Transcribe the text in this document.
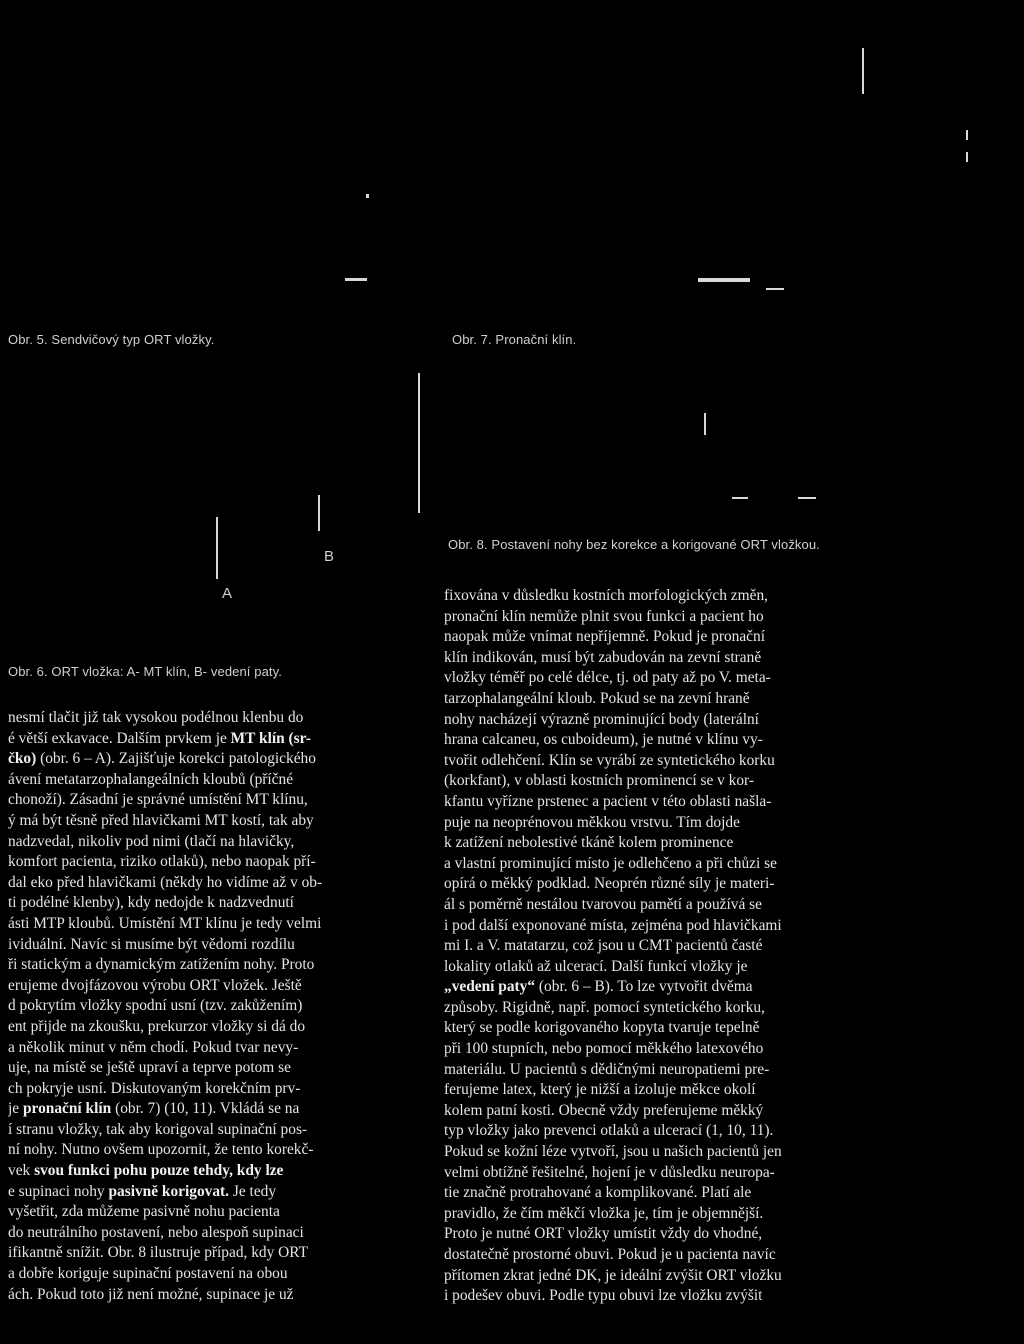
B
A
Obr. 5. Sendvičový typ ORT vložky.	Obr. 7. Pronační klín.
Obr. 8. Postavení nohy bez korekce a korigované ORT vložkou.
Obr. 6. ORT vložka: A- MT klín, B- vedení paty.
nesmí tlačit již tak vysokou podélnou klenbu do
é větší exkavace. Dalším prvkem je MT klín (sr-
čko) (obr. 6 – A). Zajišťuje korekci patologického
ávení metatarzophalangeálních kloubů (příčné
chonoží). Zásadní je správné umístění MT klínu,
ý má být těsně před hlavičkami MT kostí, tak aby
nadzvedal, nikoliv pod nimi (tlačí na hlavičky,
komfort pacienta, riziko otlaků), nebo naopak pří-
dal eko před hlavičkami (někdy ho vidíme až v ob-
ti podélné klenby), kdy nedojde k nadzvednutí
ásti MTP kloubů. Umístění MT klínu je tedy velmi
ividuální. Navíc si musíme být vědomi rozdílu
ři statickým a dynamickým zatížením nohy. Proto
erujeme dvojfázovou výrobu ORT vložek. Ještě
d pokrytím vložky spodní usní (tzv. zakůžením)
ent přijde na zkoušku, prekurzor vložky si dá do
a několik minut v něm chodí. Pokud tvar nevy-
uje, na místě se ještě upraví a teprve potom se
ch pokryje usní. Diskutovaným korekčním prv-
je pronační klín (obr. 7) (10, 11). Vkládá se na
í stranu vložky, tak aby korigoval supinační pos-
ní nohy. Nutno ovšem upozornit, že tento korekč-
vek svou funkci pohu pouze tehdy, kdy lze
e supinaci nohy pasivně korigovat. Je tedy
vyšetřit, zda můžeme pasivně nohu pacienta
do neutrálního postavení, nebo alespoň supinaci
ifikantně snížit. Obr. 8 ilustruje případ, kdy ORT
a dobře koriguje supinační postavení na obou
ách. Pokud toto již není možné, supinace je už
fixována v důsledku kostních morfologických změn,
pronační klín nemůže plnit svou funkci a pacient ho
naopak může vnímat nepříjemně. Pokud je pronační
klín indikován, musí být zabudován na zevní straně
vložky téměř po celé délce, tj. od paty až po V. meta-
tarzophalangeální kloub. Pokud se na zevní hraně
nohy nacházejí výrazně prominující body (laterální
hrana calcaneu, os cuboideum), je nutné v klínu vy-
tvořit odlehčení. Klín se vyrábí ze syntetického korku
(korkfant), v oblasti kostních prominencí se v kor-
kfantu vyřízne prstenec a pacient v této oblasti našla-
puje na neoprénovou měkkou vrstvu. Tím dojde
k zatížení nebolestivé tkáně kolem prominence
a vlastní prominující místo je odlehčeno a při chůzi se
opírá o měkký podklad. Neoprén různé síly je materi-
ál s poměrně nestálou tvarovou pamětí a používá se
i pod další exponované místa, zejména pod hlavičkami
mi I. a V. matatarzu, což jsou u CMT pacientů časté
lokality otlaků až ulcerací. Další funkcí vložky je
„vedení paty“ (obr. 6 – B). To lze vytvořit dvěma
způsoby. Rigidně, např. pomocí syntetického korku,
který se podle korigovaného kopyta tvaruje tepelně
při 100 stupních, nebo pomocí měkkého latexového
materiálu. U pacientů s dědičnými neuropatiemi pre-
ferujeme latex, který je nižší a izoluje měkce okolí
kolem patní kosti. Obecně vždy preferujeme měkký
typ vložky jako prevenci otlaků a ulcerací (1, 10, 11).
Pokud se kožní léze vytvoří, jsou u našich pacientů jen
velmi obtížně řešitelné, hojení je v důsledku neuropa-
tie značně protrahované a komplikované. Platí ale
pravidlo, že čím měkčí vložka je, tím je objemnější.
Proto je nutné ORT vložky umístit vždy do vhodné,
dostatečně prostorné obuvi. Pokud je u pacienta navíc
přítomen zkrat jedné DK, je ideální zvýšit ORT vložku
i podešev obuvi. Podle typu obuvi lze vložku zvýšit
